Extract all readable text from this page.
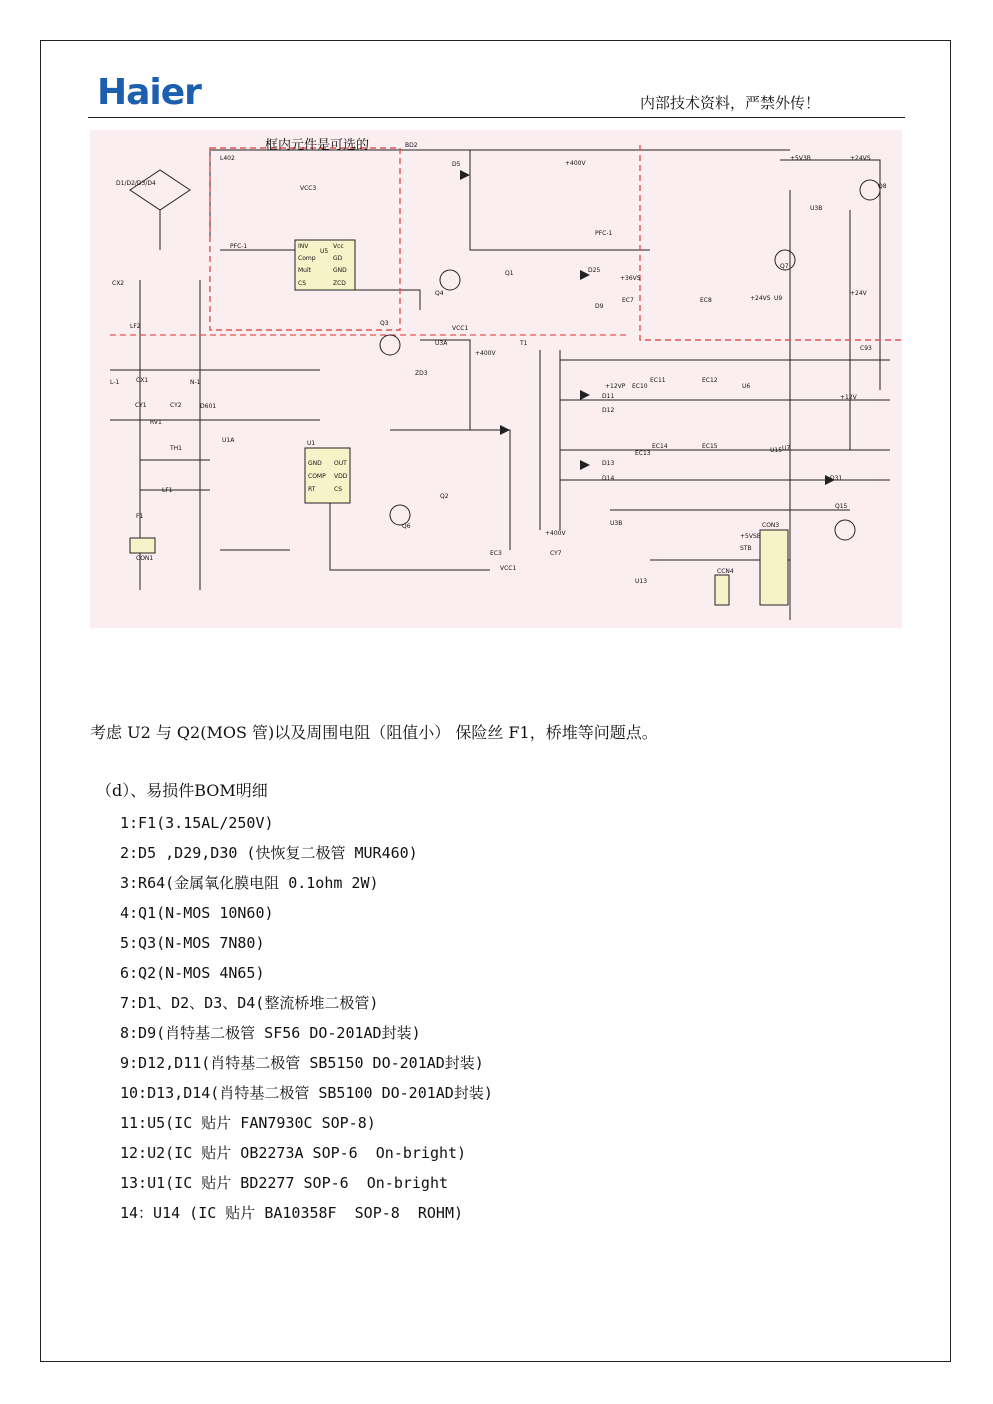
Haier	内部技术资料，严禁外传！
框内元件是可选的
D1/D2/D3/D4
L402
BD2
D5
VCC3
U5
INV	Vcc
Comp	GD
Mult	GND
CS	ZCD
PFC-1
+400V
PFC-1
Q1
Q4
CX2
LF2
L-1	N-1
CX1
CY1	CY2
RV1
TH1
LF1
F1
CON1
D601
U1A	U1
GND OUT
COMP VDD
RT	CS
Q3
U3A
VCC1
ZD3
+400V
Q2
Q6
T1
D25
+36VS
D9
EC7	EC8
+12VP
D11
D12
EC10
EC11	EC12
U6
D13
D14
EC13
EC14	EC15
+5V3B
U3B
Q7
Q8
+24VS U9
+12V
U15 U7
D31
Q15
CON3
+5VSB
STB
CCN4
U13
U3B
CY7
+400V
EC3
VCC1
+24VS
+24V
C93
考虑 U2 与 Q2(MOS 管)以及周围电阻（阻值小） 保险丝 F1，桥堆等问题点。
（d）、易损件BOM明细
1:F1(3.15AL/250V)
2:D5 ,D29,D30 (快恢复二极管 MUR460)
3:R64(金属氧化膜电阻 0.1ohm 2W)
4:Q1(N-MOS 10N60)
5:Q3(N-MOS 7N80)
6:Q2(N-MOS 4N65)
7:D1、D2、D3、D4(整流桥堆二极管)
8:D9(肖特基二极管 SF56 DO-201AD封装)
9:D12,D11(肖特基二极管 SB5150 DO-201AD封装)
10:D13,D14(肖特基二极管 SB5100 DO-201AD封装)
11:U5(IC 贴片 FAN7930C SOP-8)
12:U2(IC 贴片 OB2273A SOP-6  On-bright)
13:U1(IC 贴片 BD2277 SOP-6  On-bright
14：U14 (IC 贴片 BA10358F  SOP-8  ROHM)
